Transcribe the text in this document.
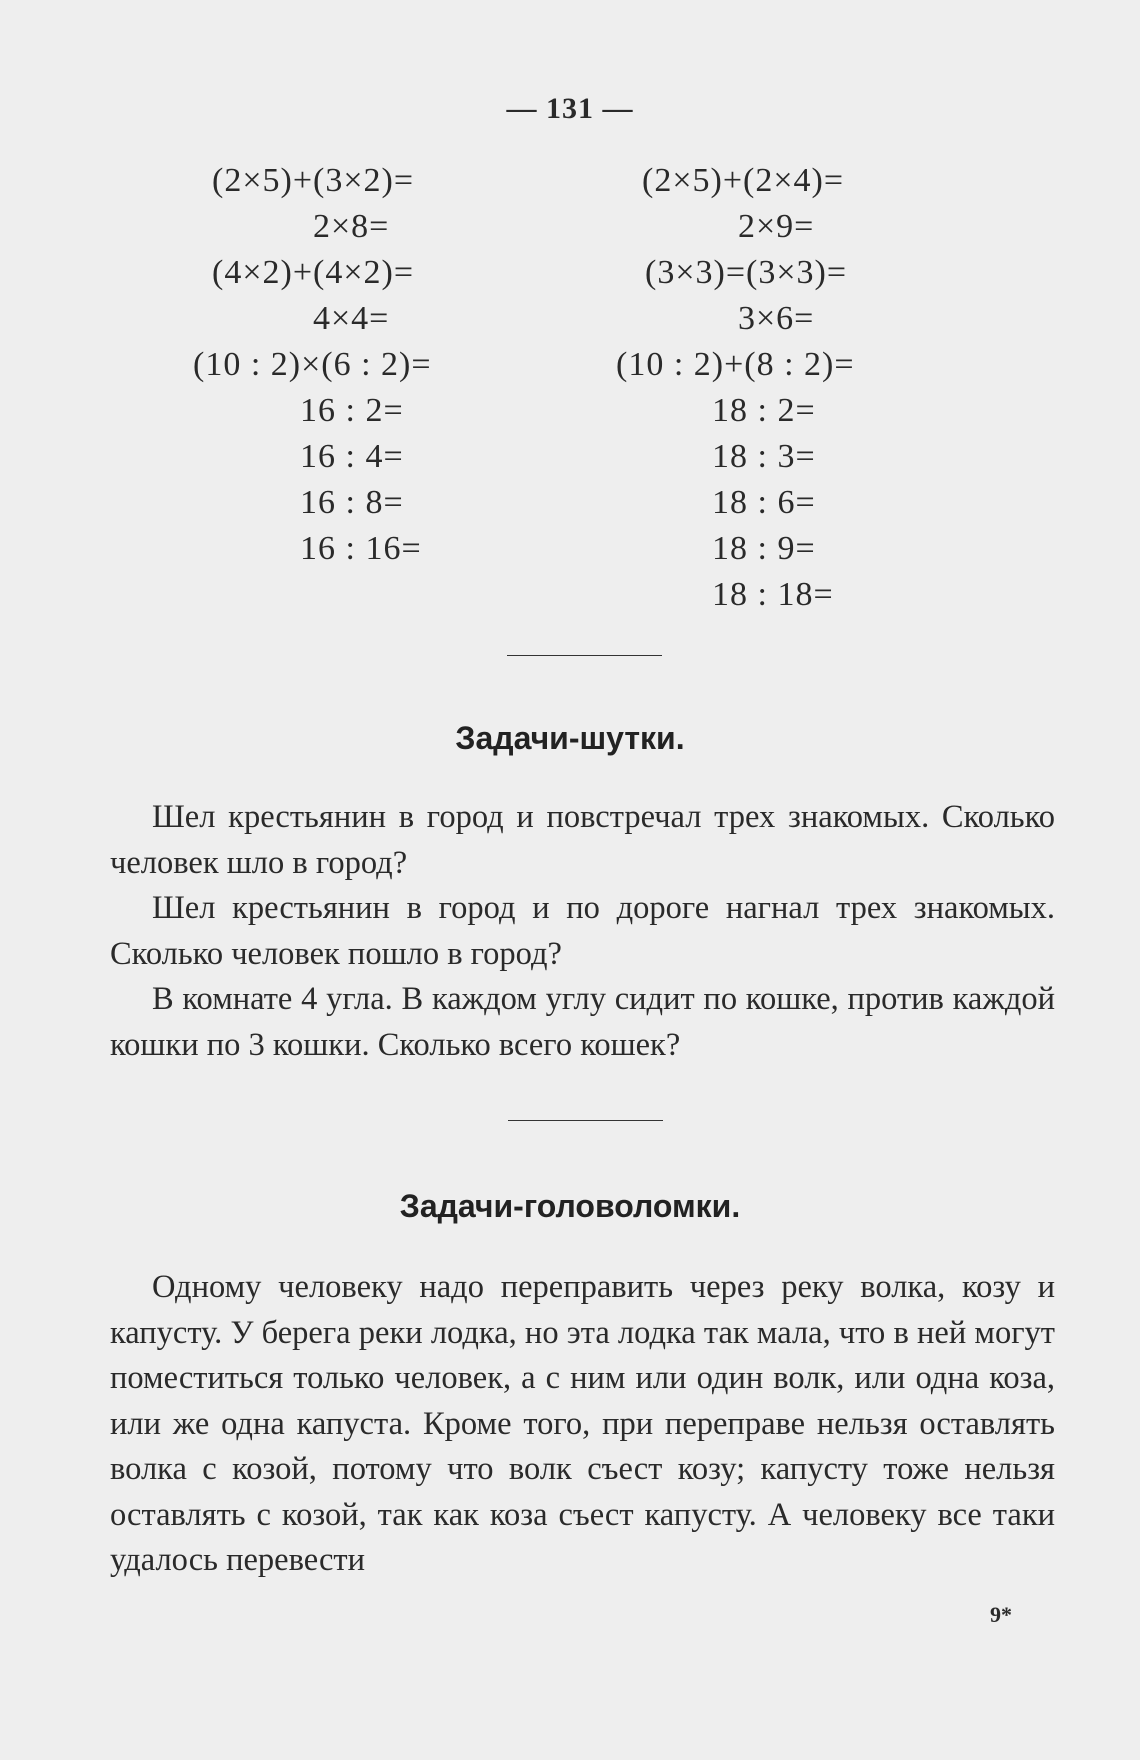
— 131 —
(2×5)+(3×2)=
2×8=
(4×2)+(4×2)=
4×4=
(10 : 2)×(6 : 2)=
16 : 2=
16 : 4=
16 : 8=
16 : 16=
(2×5)+(2×4)=
2×9=
(3×3)=(3×3)=
3×6=
(10 : 2)+(8 : 2)=
18 : 2=
18 : 3=
18 : 6=
18 : 9=
18 : 18=
Задачи-шутки.

Шел крестьянин в город и повстречал трех знакомых. Сколько человек шло в город?

Шел крестьянин в город и по дороге нагнал трех знакомых. Сколько человек пошло в город?

В комнате 4 угла. В каждом углу сидит по кошке, против каждой кошки по 3 кошки. Сколько всего кошек?

Задачи-головоломки.

Одному человеку надо переправить через реку волка, козу и капусту. У берега реки лодка, но эта лодка так мала, что в ней могут поместиться только человек, а с ним или один волк, или одна коза, или же одна капуста. Кроме того, при переправе нельзя оставлять волка с козой, потому что волк съест козу; капусту тоже нельзя оставлять с козой, так как коза съест капусту. А человеку все таки удалось перевести

9*
